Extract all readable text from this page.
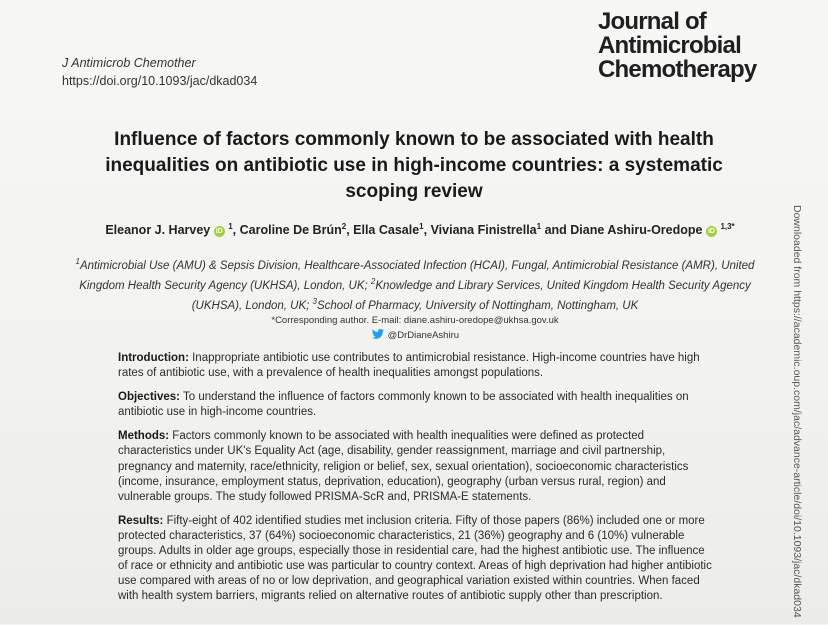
J Antimicrob Chemother
https://doi.org/10.1093/jac/dkad034
Journal of
Antimicrobial
Chemotherapy
Influence of factors commonly known to be associated with health inequalities on antibiotic use in high-income countries: a systematic scoping review
Eleanor J. Harvey iD $^1$, Caroline De Brún$^2$, Ella Casale$^1$, Viviana Finistrella$^1$ and Diane Ashiru-Oredope iD $^{1,3*}$
$^1$Antimicrobial Use (AMU) & Sepsis Division, Healthcare-Associated Infection (HCAI), Fungal, Antimicrobial Resistance (AMR), United Kingdom Health Security Agency (UKHSA), London, UK; $^2$Knowledge and Library Services, United Kingdom Health Security Agency (UKHSA), London, UK; $^3$School of Pharmacy, University of Nottingham, Nottingham, UK
*Corresponding author. E-mail: diane.ashiru-oredope@ukhsa.gov.uk
@DrDianeAshiru

Introduction: Inappropriate antibiotic use contributes to antimicrobial resistance. High-income countries have high rates of antibiotic use, with a prevalence of health inequalities amongst populations.

Objectives: To understand the influence of factors commonly known to be associated with health inequalities on antibiotic use in high-income countries.

Methods: Factors commonly known to be associated with health inequalities were defined as protected characteristics under UK's Equality Act (age, disability, gender reassignment, marriage and civil partnership, pregnancy and maternity, race/ethnicity, religion or belief, sex, sexual orientation), socioeconomic characteristics (income, insurance, employment status, deprivation, education), geography (urban versus rural, region) and vulnerable groups. The study followed PRISMA-ScR and, PRISMA-E statements.

Results: Fifty-eight of 402 identified studies met inclusion criteria. Fifty of those papers (86%) included one or more protected characteristics, 37 (64%) socioeconomic characteristics, 21 (36%) geography and 6 (10%) vulnerable groups. Adults in older age groups, especially those in residential care, had the highest antibiotic use. The influence of race or ethnicity and antibiotic use was particular to country context. Areas of high deprivation had higher antibiotic use compared with areas of no or low deprivation, and geographical variation existed within countries. When faced with health system barriers, migrants relied on alternative routes of antibiotic supply other than prescription.	Downloaded from https://academic.oup.com/jac/advance-article/doi/10.1093/jac/dkad034
